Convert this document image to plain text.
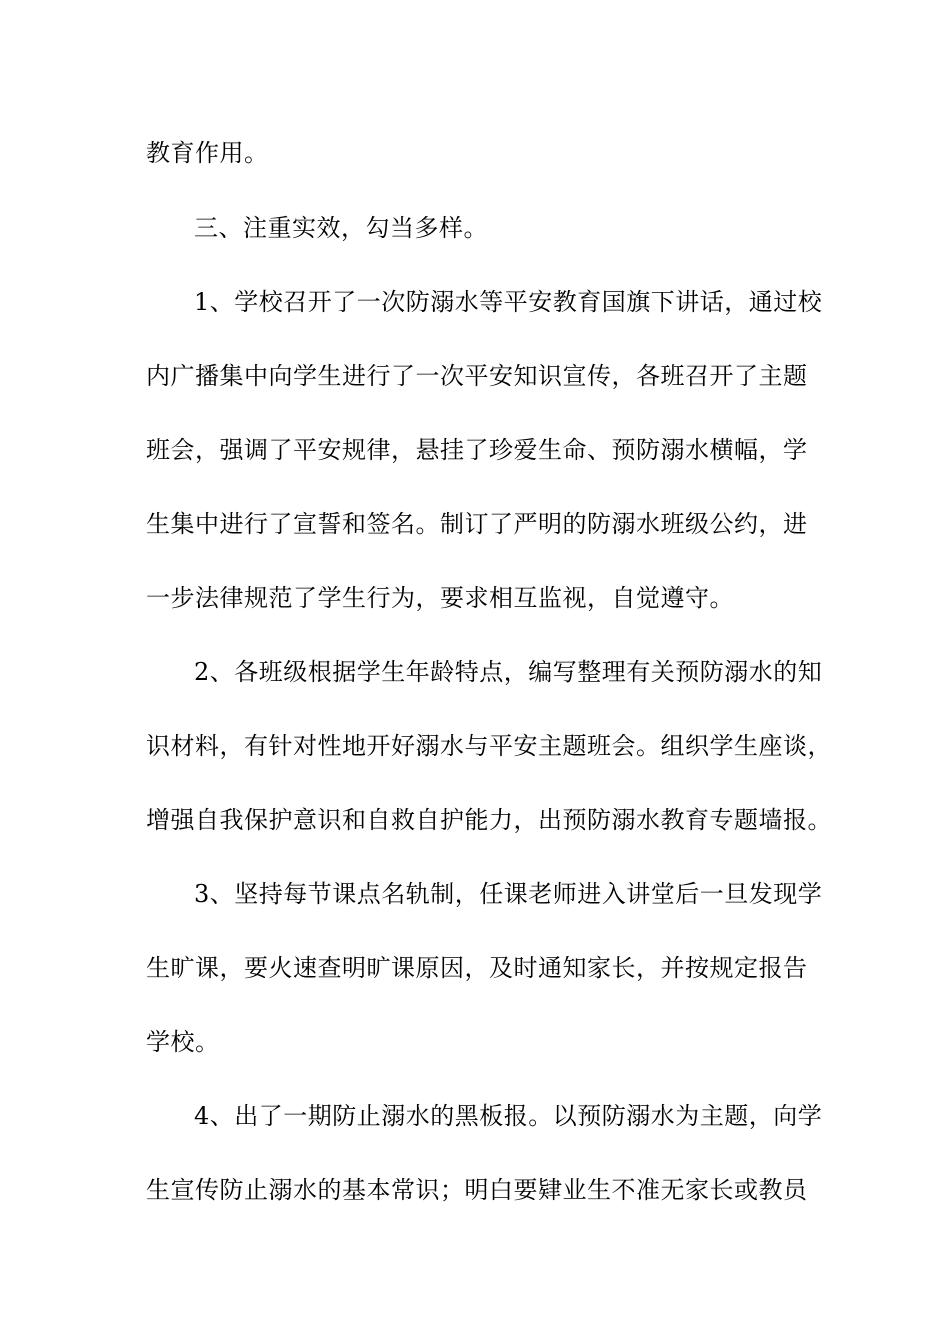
教育作用。
三、注重实效，勾当多样。
1、学校召开了一次防溺水等平安教育国旗下讲话，通过校
内广播集中向学生进行了一次平安知识宣传，各班召开了主题
班会，强调了平安规律，悬挂了珍爱生命、预防溺水横幅，学
生集中进行了宣誓和签名。制订了严明的防溺水班级公约，进
一步法律规范了学生行为，要求相互监视，自觉遵守。
2、各班级根据学生年龄特点，编写整理有关预防溺水的知
识材料，有针对性地开好溺水与平安主题班会。组织学生座谈，
增强自我保护意识和自救自护能力，出预防溺水教育专题墙报。
3、坚持每节课点名轨制，任课老师进入讲堂后一旦发现学
生旷课，要火速查明旷课原因，及时通知家长，并按规定报告
学校。
4、出了一期防止溺水的黑板报。以预防溺水为主题，向学
生宣传防止溺水的基本常识；明白要肄业生不准无家长或教员
